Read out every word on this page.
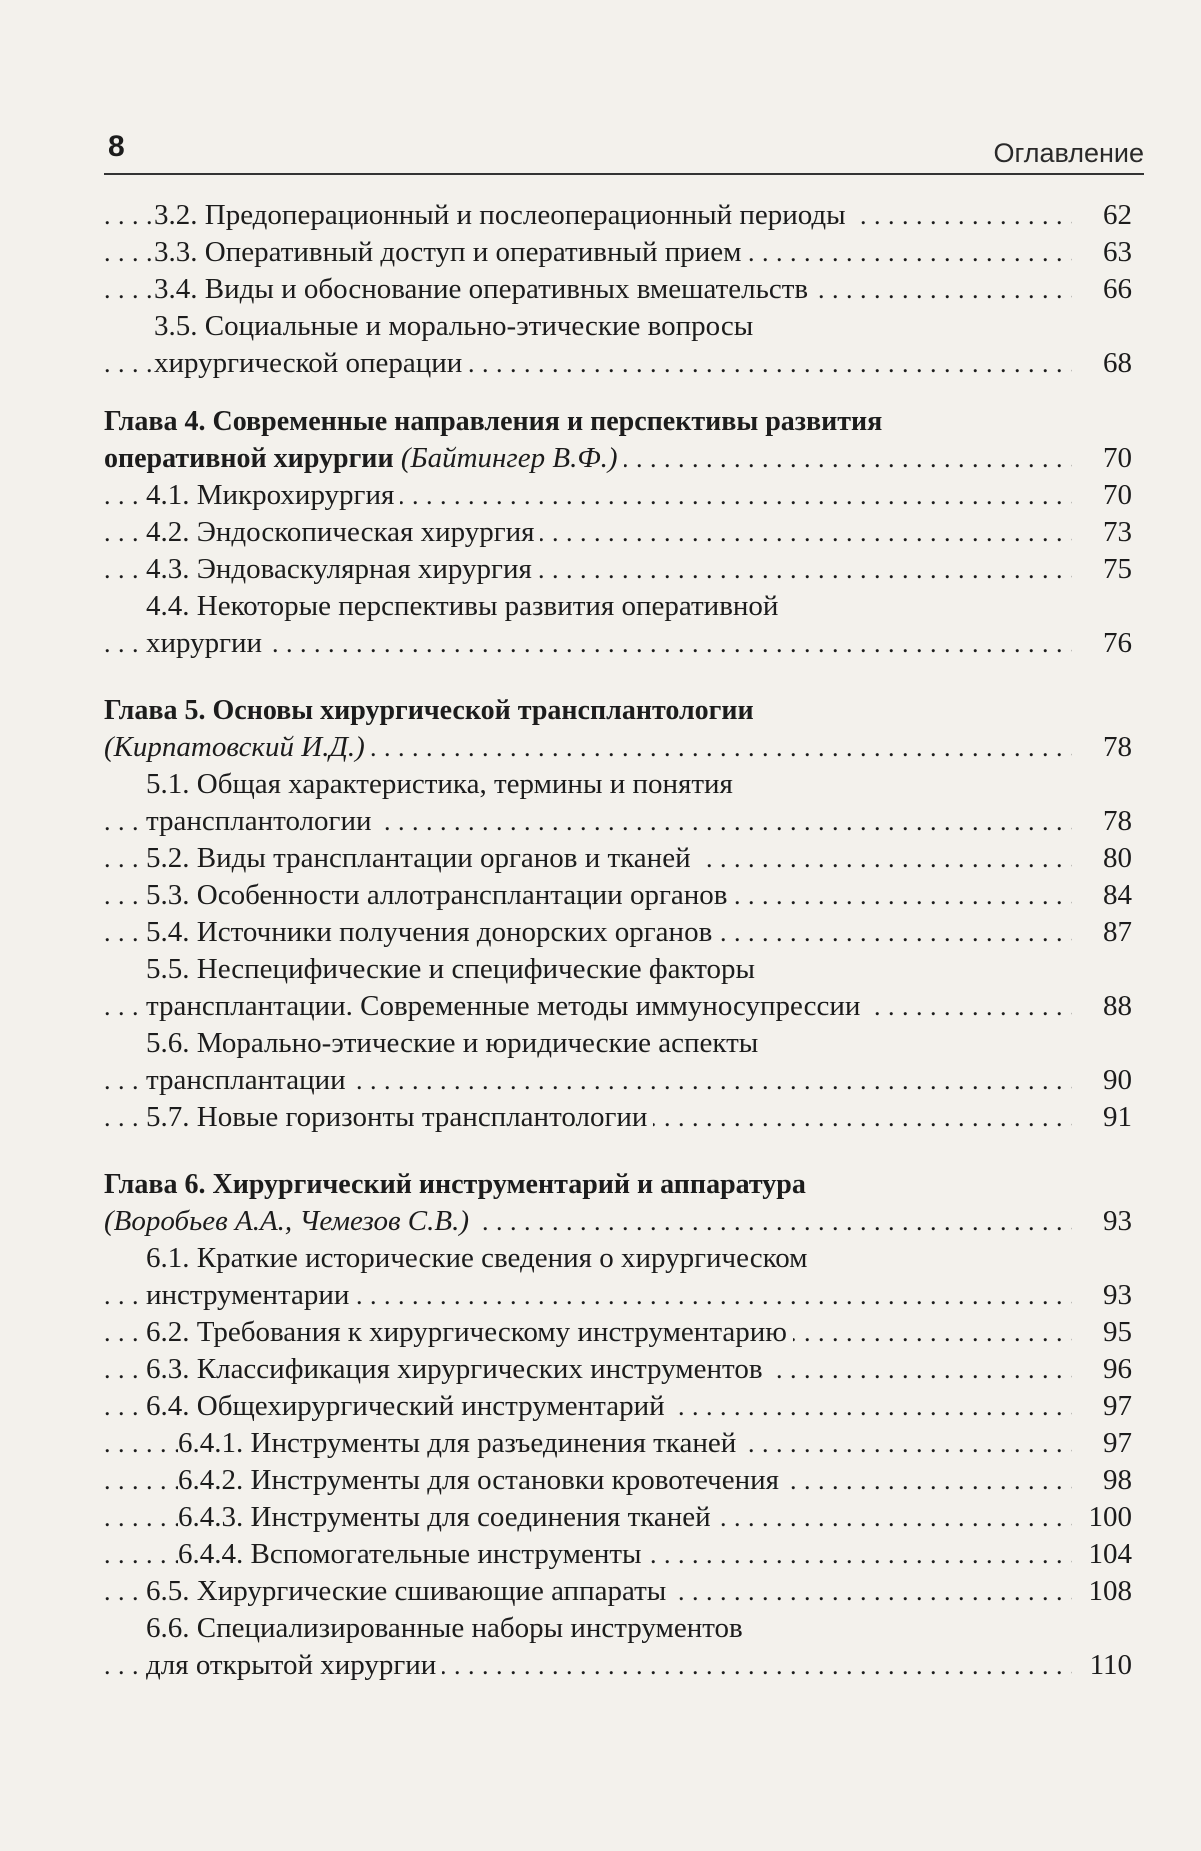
8	Оглавление
. . . 3.2. Предоперационный и послеоперационный периоды	62
. . . 3.3. Оперативный доступ и оперативный прием	63
. . . 3.4. Виды и обоснование оперативных вмешательств	66
3.5. Социальные и морально-этические вопросы
. . . хирургической операции	68
Глава 4. Современные направления и перспективы развития
. . . оперативной хирургии (Байтингер В.Ф.)	70
. . . 4.1. Микрохирургия	70
. . . 4.2. Эндоскопическая хирургия	73
. . . 4.3. Эндоваскулярная хирургия	75
4.4. Некоторые перспективы развития оперативной
. . . хирургии	76
Глава 5. Основы хирургической трансплантологии
. . . (Кирпатовский И.Д.)	78
5.1. Общая характеристика, термины и понятия
. . . трансплантологии	78
. . . 5.2. Виды трансплантации органов и тканей	80
. . . 5.3. Особенности аллотрансплантации органов	84
. . . 5.4. Источники получения донорских органов	87
5.5. Неспецифические и специфические факторы
. . . трансплантации. Современные методы иммуносупрессии	88
5.6. Морально-этические и юридические аспекты
. . . трансплантации	90
. . . 5.7. Новые горизонты трансплантологии	91
Глава 6. Хирургический инструментарий и аппаратура
. . . (Воробьев А.А., Чемезов С.В.)	93
6.1. Краткие исторические сведения о хирургическом
. . . инструментарии	93
. . . 6.2. Требования к хирургическому инструментарию	95
. . . 6.3. Классификация хирургических инструментов	96
. . . 6.4. Общехирургический инструментарий	97
. . . 6.4.1. Инструменты для разъединения тканей	97
. . . 6.4.2. Инструменты для остановки кровотечения	98
. . . 6.4.3. Инструменты для соединения тканей	100
. . . 6.4.4. Вспомогательные инструменты	104
. . . 6.5. Хирургические сшивающие аппараты	108
6.6. Специализированные наборы инструментов
. . . для открытой хирургии	110
